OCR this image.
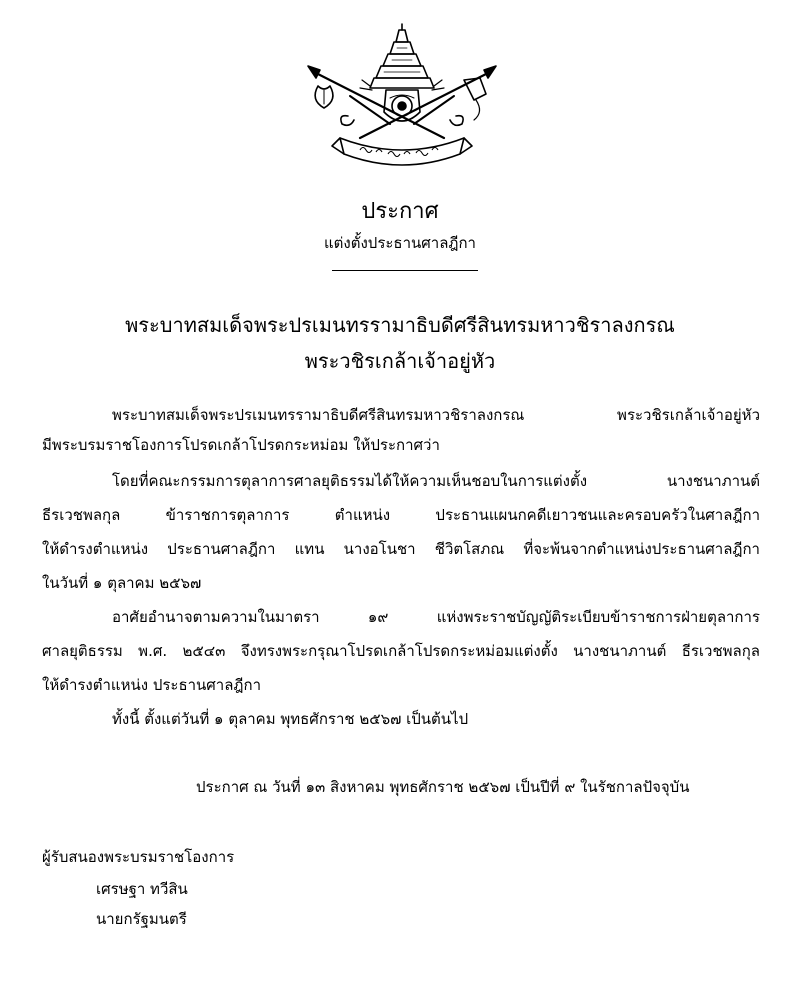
ประกาศ
แต่งตั้งประธานศาลฎีกา
พระบาทสมเด็จพระปรเมนทรรามาธิบดีศรีสินทรมหาวชิราลงกรณ
พระวชิรเกล้าเจ้าอยู่หัว
พระบาทสมเด็จพระปรเมนทรรามาธิบดีศรีสินทรมหาวชิราลงกรณ พระวชิรเกล้าเจ้าอยู่หัว
มีพระบรมราชโองการโปรดเกล้าโปรดกระหม่อม ให้ประกาศว่า
โดยที่คณะกรรมการตุลาการศาลยุติธรรมได้ให้ความเห็นชอบในการแต่งตั้ง นางชนาภานต์
ธีรเวชพลกุล ข้าราชการตุลาการ ตำแหน่ง ประธานแผนกคดีเยาวชนและครอบครัวในศาลฎีกา
ให้ดำรงตำแหน่ง ประธานศาลฎีกา แทน นางอโนชา ชีวิตโสภณ ที่จะพ้นจากตำแหน่งประธานศาลฎีกา
ในวันที่ ๑ ตุลาคม ๒๕๖๗
อาศัยอำนาจตามความในมาตรา ๑๙ แห่งพระราชบัญญัติระเบียบข้าราชการฝ่ายตุลาการ
ศาลยุติธรรม พ.ศ. ๒๕๔๓ จึงทรงพระกรุณาโปรดเกล้าโปรดกระหม่อมแต่งตั้ง นางชนาภานต์ ธีรเวชพลกุล
ให้ดำรงตำแหน่ง ประธานศาลฎีกา
ทั้งนี้ ตั้งแต่วันที่ ๑ ตุลาคม พุทธศักราช ๒๕๖๗ เป็นต้นไป
ประกาศ ณ วันที่ ๑๓ สิงหาคม พุทธศักราช ๒๕๖๗ เป็นปีที่ ๙ ในรัชกาลปัจจุบัน
ผู้รับสนองพระบรมราชโองการ
เศรษฐา ทวีสิน
นายกรัฐมนตรี
